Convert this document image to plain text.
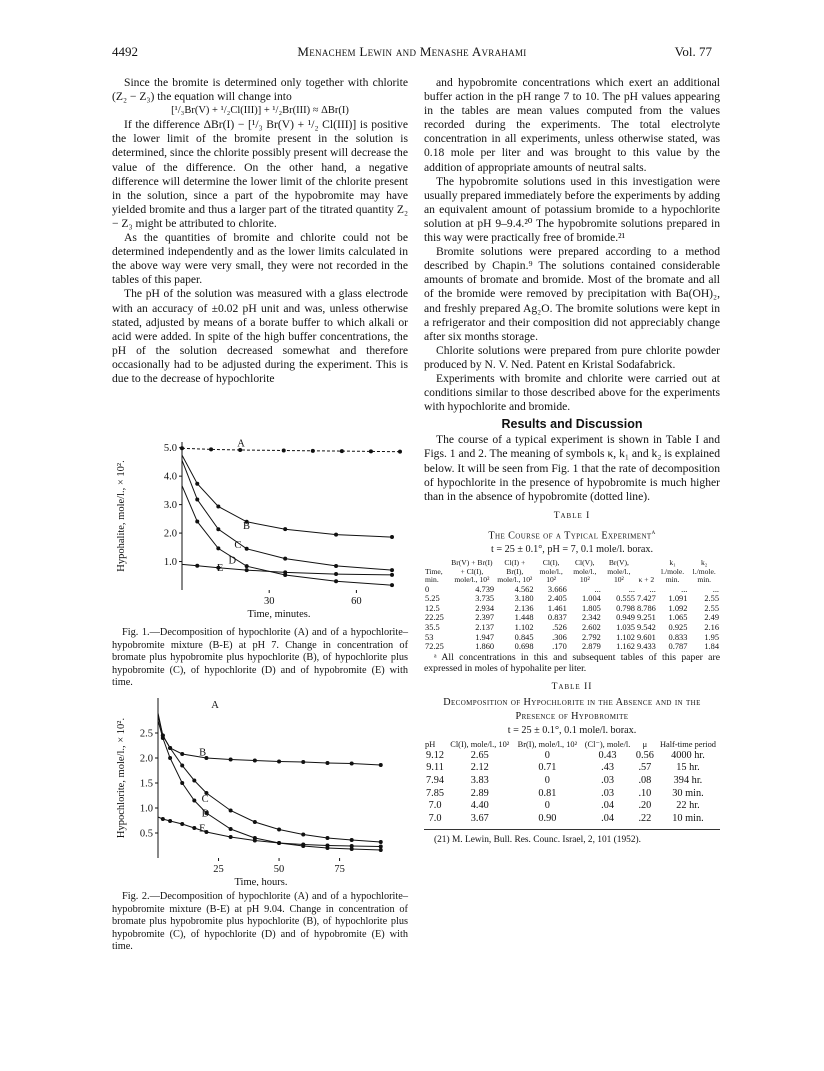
4492	Menachem Lewin and Menashe Avrahami	Vol. 77

Since the bromite is determined only together with chlorite (Z₂ − Z₃) the equation will change into

[¹/₃Br(V) + ¹/₂Cl(III)] + ¹/₂Br(III) ≈ ΔBr(I)

If the difference ΔBr(I) − [¹/₃ Br(V) + ¹/₂ Cl(III)] is positive the lower limit of the bromite present in the solution is determined, since the chlorite possibly present will decrease the value of the difference. On the other hand, a negative difference will determine the lower limit of the chlorite present in the solution, since a part of the hypobromite may have yielded bromite and thus a larger part of the titrated quantity Z₂ − Z₃ might be attributed to chlorite.

As the quantities of bromite and chlorite could not be determined independently and as the lower limits calculated in the above way were very small, they were not recorded in the tables of this paper.

The pH of the solution was measured with a glass electrode with an accuracy of ±0.02 pH unit and was, unless otherwise stated, adjusted by means of a borate buffer to which alkali or acid were added. In spite of the high buffer concentrations, the pH of the solution decreased somewhat and therefore occasionally had to be adjusted during the experiment. This is due to the decrease of hypochlorite

1.0
2.0
3.0
4.0
5.0
30	60
Time, minutes.
Hypohalite, mole/l., × 10².
A
B
C
D
E
Fig. 1.—Decomposition of hypochlorite (A) and of a hypochlorite–hypobromite mixture (B-E) at pH 7. Change in concentration of bromate plus hypobromite plus hypochlorite (B), of hypochlorite plus hypobromite (C), of hypochlorite (D) and of hypobromite (E) with time.
0.5
1.0
1.5
2.0
2.5
25	50	75
Time, hours.
Hypochlorite, mole/l., × 10².
A
B
C
D
E
Fig. 2.—Decomposition of hypochlorite (A) and of a hypochlorite–hypobromite mixture (B-E) at pH 9.04. Change in concentration of bromate plus hypobromite plus hypochlorite (B), of hypochlorite plus hypobromite (C), of hypochlorite (D) and of hypobromite (E) with time.

and hypobromite concentrations which exert an additional buffer action in the pH range 7 to 10. The pH values appearing in the tables are mean values computed from the values recorded during the experiments. The total electrolyte concentration in all experiments, unless otherwise stated, was 0.18 mole per liter and was brought to this value by the addition of appropriate amounts of neutral salts.

The hypobromite solutions used in this investigation were usually prepared immediately before the experiments by adding an equivalent amount of potassium bromide to a hypochlorite solution at pH 9–9.4.²⁰ The hypobromite solutions prepared in this way were practically free of bromide.²¹

Bromite solutions were prepared according to a method described by Chapin.⁹ The solutions contained considerable amounts of bromate and bromide. Most of the bromate and all of the bromide were removed by precipitation with Ba(OH)₂, and freshly prepared Ag₂O. The bromite solutions were kept in a refrigerator and their composition did not appreciably change after six months storage.

Chlorite solutions were prepared from pure chlorite powder produced by N. V. Ned. Patent en Kristal Sodafabrick.

Experiments with bromite and chlorite were carried out at conditions similar to those described above for the experiments with hypochlorite and bromide.

Results and Discussion

The course of a typical experiment is shown in Table I and Figs. 1 and 2. The meaning of symbols κ, k₁ and k₂ is explained below. It will be seen from Fig. 1 that the rate of decomposition of hypochlorite in the presence of hypobromite is much higher than in the absence of hypobromite (dotted line).

Table I
The Course of a Typical Experiment$^a$
t = 25 ± 0.1°, pH = 7, 0.1 mole/l. borax.
Time, min.	Br(V) + Br(I) + Cl(I), mole/l., 10²	Cl(I) + Br(I), mole/l., 10²	Cl(I), mole/l., 10²	Cl(V), mole/l., 10²	Br(V), mole/l., 10²	κ + 2	k₁ l./mole. min.	k₂ l./mole. min.
0	4.739	4.562	3.666	...	...	...	...	...
5.25	3.735	3.180	2.405	1.004	0.555	7.427	1.091	2.55
12.5	2.934	2.136	1.461	1.805	0.798	8.786	1.092	2.55
22.25	2.397	1.448	0.837	2.342	0.949	9.251	1.065	2.49
35.5	2.137	1.102	.526	2.602	1.035	9.542	0.925	2.16
53	1.947	0.845	.306	2.792	1.102	9.601	0.833	1.95
72.25	1.860	0.698	.170	2.879	1.162	9.433	0.787	1.84
ᵃ All concentrations in this and subsequent tables of this paper are expressed in moles of hypohalite per liter.
Table II
Decomposition of Hypochlorite in the Absence and in the Presence of Hypobromite
t = 25 ± 0.1°, 0.1 mole/l. borax.
pH	Cl(I), mole/l., 10²	Br(I), mole/l., 10²	(Cl⁻), mole/l.	μ	Half-time period
9.12	2.65	0	0.43	0.56	4000 hr.
9.11	2.12	0.71	.43	.57	15 hr.
7.94	3.83	0	.03	.08	394 hr.
7.85	2.89	0.81	.03	.10	30 min.
7.0	4.40	0	.04	.20	22 hr.
7.0	3.67	0.90	.04	.22	10 min.
(21) M. Lewin, Bull. Res. Counc. Israel, 2, 101 (1952).
